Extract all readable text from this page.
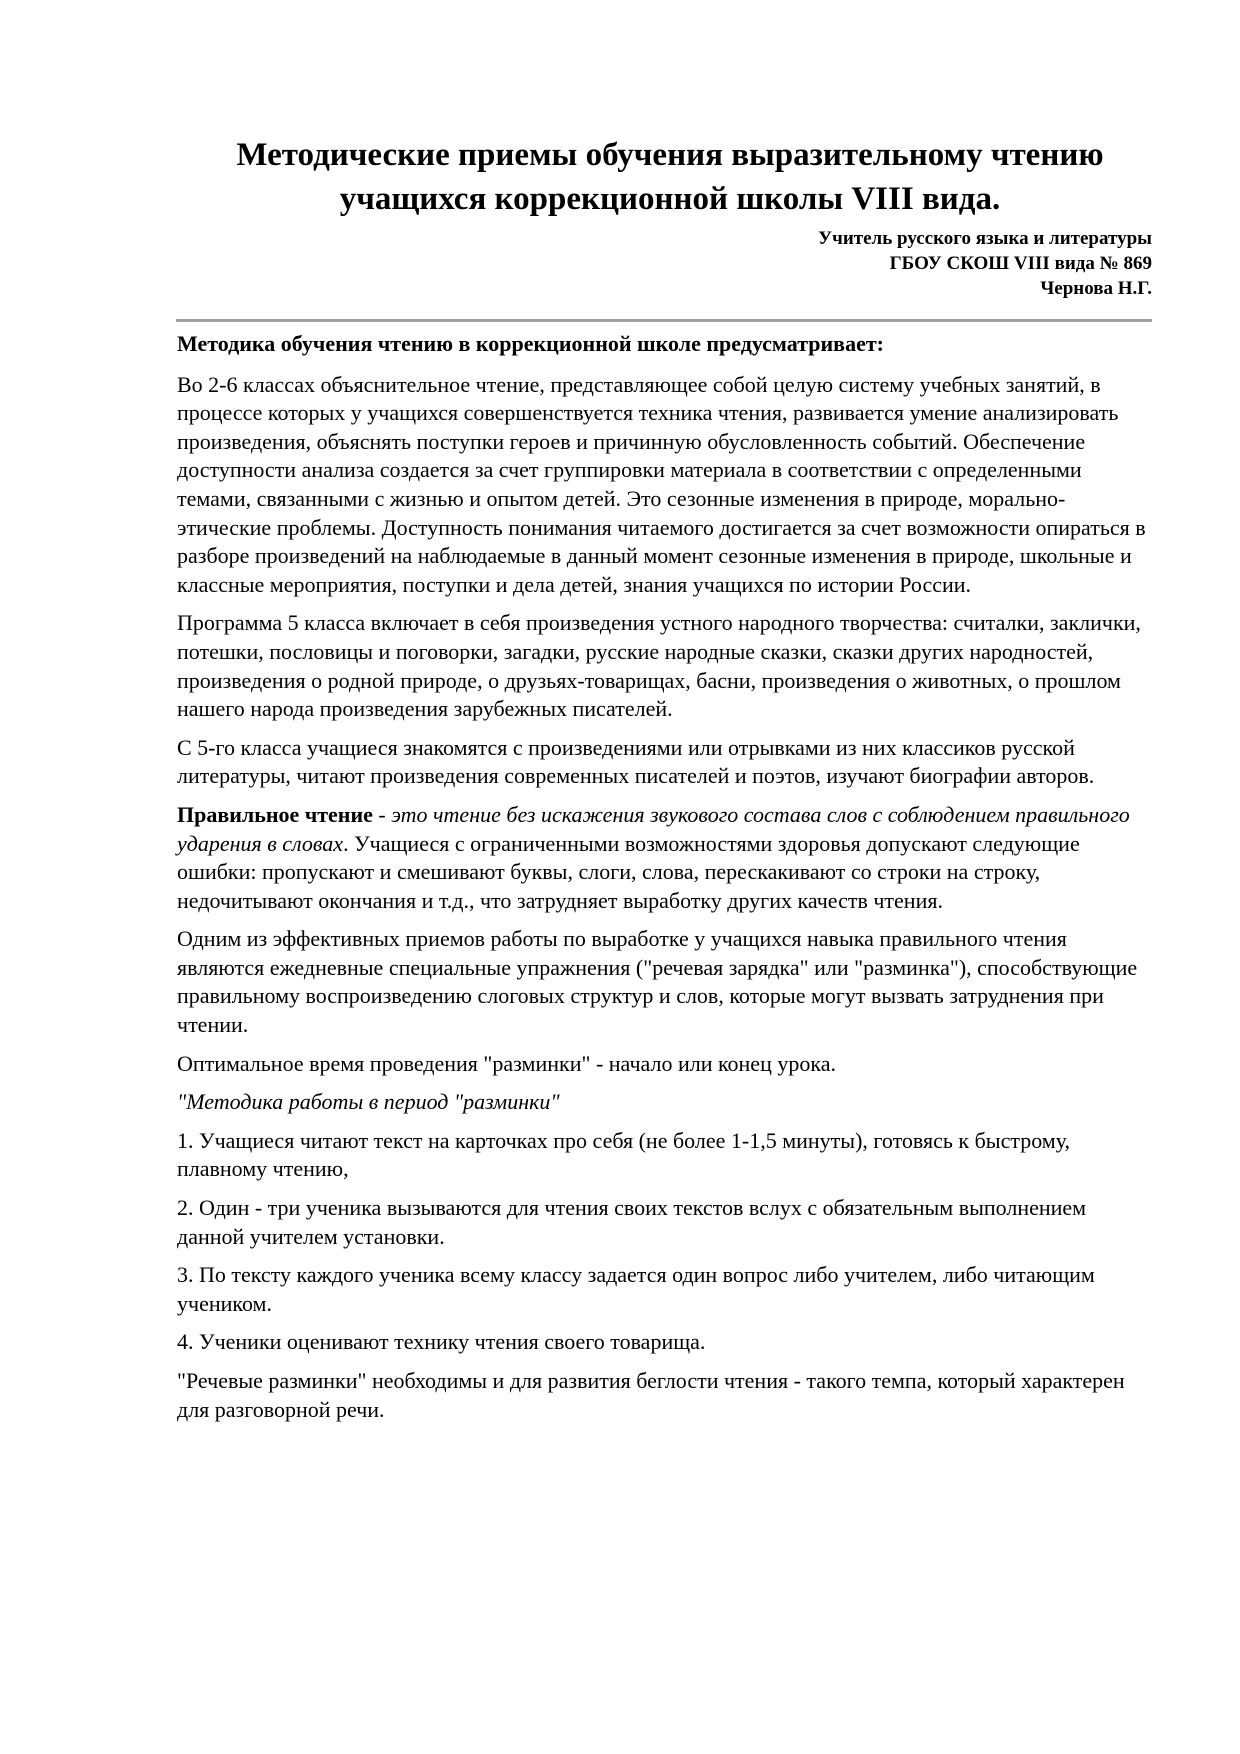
Методические приемы обучения выразительному чтению
учащихся коррекционной школы VIII вида.
Учитель русского языка и литературы
ГБОУ СКОШ VIII вида № 869
Чернова Н.Г.

Методика обучения чтению в коррекционной школе предусматривает:

Во 2-6 классах объяснительное чтение, представляющее собой целую систему учебных занятий, в процессе которых у учащихся совершенствуется техника чтения, развивается умение анализировать произведения, объяснять поступки героев и причинную обусловленность событий. Обеспечение доступности анализа создается за счет группировки материала в соответствии с определенными темами, связанными с жизнью и опытом детей. Это сезонные изменения в природе, морально-этические проблемы. Доступность понимания читаемого достигается за счет возможности опираться в разборе произведений на наблюдаемые в данный момент сезонные изменения в природе, школьные и классные мероприятия, поступки и дела детей, знания учащихся по истории России.

Программа 5 класса включает в себя произведения устного народного творчества: считалки, заклички, потешки, пословицы и поговорки, загадки, русские народные сказки, сказки других народностей, произведения о родной природе, о друзьях-товарищах, басни, произведения о животных, о прошлом нашего народа произведения зарубежных писателей.

С 5-го класса учащиеся знакомятся с произведениями или отрывками из них классиков русской литературы, читают произведения современных писателей и поэтов, изучают биографии авторов.

Правильное чтение - это чтение без искажения звукового состава слов с соблюдением правильного ударения в словах. Учащиеся с ограниченными возможностями здоровья допускают следующие ошибки: пропускают и смешивают буквы, слоги, слова, перескакивают со строки на строку, недочитывают окончания и т.д., что затрудняет выработку других качеств чтения.

Одним из эффективных приемов работы по выработке у учащихся навыка правильного чтения являются ежедневные специальные упражнения ("речевая зарядка" или "разминка"), способствующие правильному воспроизведению слоговых структур и слов, которые могут вызвать затруднения при чтении.

Оптимальное время проведения "разминки" - начало или конец урока.

"Методика работы в период "разминки"

1. Учащиеся читают текст на карточках про себя (не более 1-1,5 минуты), готовясь к быстрому, плавному чтению,

2. Один - три ученика вызываются для чтения своих текстов вслух с обязательным выполнением данной учителем установки.

3. По тексту каждого ученика всему классу задается один вопрос либо учителем, либо читающим учеником.

4. Ученики оценивают технику чтения своего товарища.

"Речевые разминки" необходимы и для развития беглости чтения - такого темпа, который характерен для разговорной речи.
